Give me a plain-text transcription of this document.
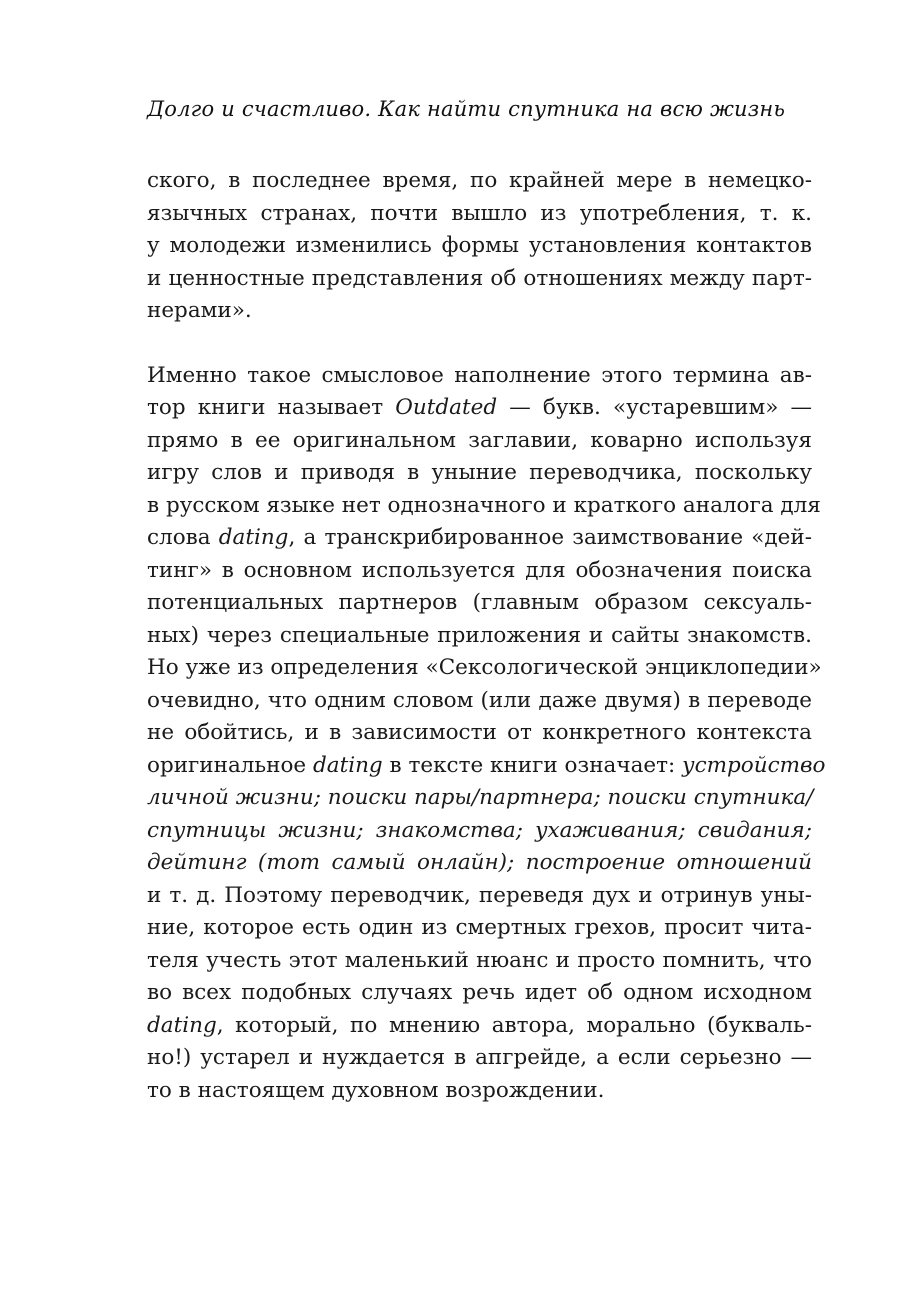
Долго и счастливо. Как найти спутника на всю жизнь

ского, в последнее время, по крайней мере в немецко-
язычных странах, почти вышло из употребления, т. к.
у молодежи изменились формы установления контактов
и ценностные представления об отношениях между парт-
нерами».

Именно такое смысловое наполнение этого термина ав-
тор книги называет Outdated — букв. «устаревшим» —
прямо в ее оригинальном заглавии, коварно используя
игру слов и приводя в уныние переводчика, поскольку
в русском языке нет однозначного и краткого аналога для
слова dating, а транскрибированное заимствование «дей-
тинг» в основном используется для обозначения поиска
потенциальных партнеров (главным образом сексуаль-
ных) через специальные приложения и сайты знакомств.
Но уже из определения «Сексологической энциклопедии»
очевидно, что одним словом (или даже двумя) в переводе
не обойтись, и в зависимости от конкретного контекста
оригинальное dating в тексте книги означает: устройство
личной жизни; поиски пары/партнера; поиски спутника/
спутницы жизни; знакомства; ухаживания; свидания;
дейтинг (тот самый онлайн); построение отношений
и т. д. Поэтому переводчик, переведя дух и отринув уны-
ние, которое есть один из смертных грехов, просит чита-
теля учесть этот маленький нюанс и просто помнить, что
во всех подобных случаях речь идет об одном исходном
dating, который, по мнению автора, морально (букваль-
но!) устарел и нуждается в апгрейде, а если серьезно —
то в настоящем духовном возрождении.
